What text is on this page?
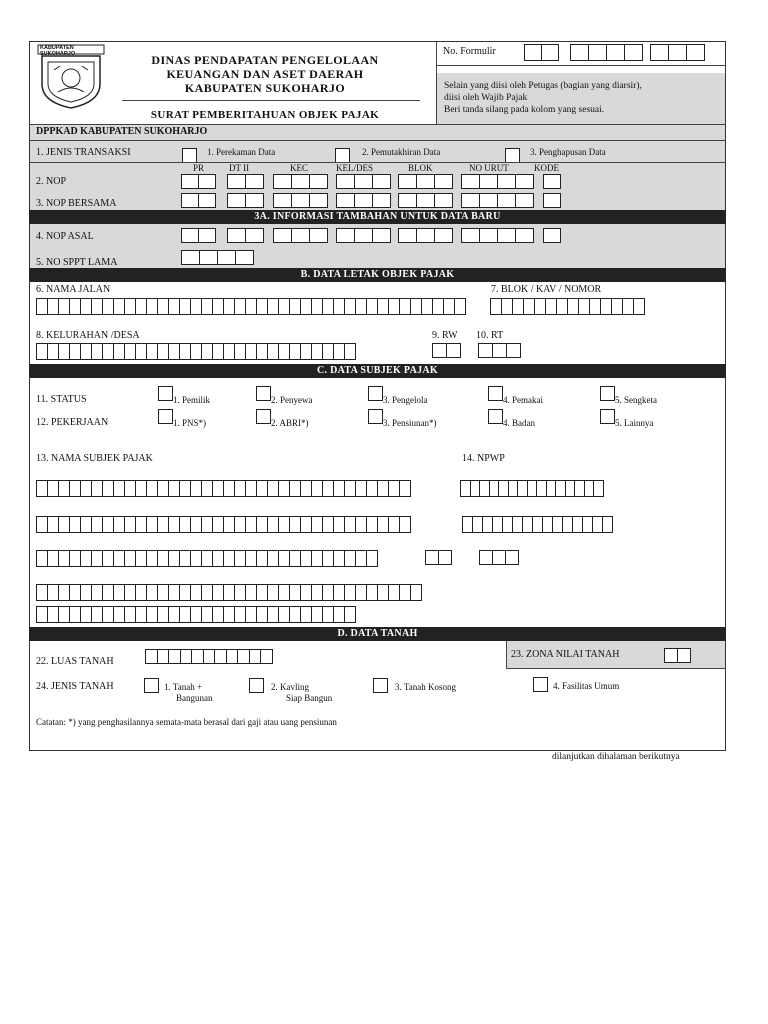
KABUPATEN SUKOHARJO	DINAS PENDAPATAN PENGELOLAAN
KEUANGAN DAN ASET DAERAH
KABUPATEN SUKOHARJO
SURAT PEMBERITAHUAN OBJEK PAJAK
No. Formulir
Selain yang diisi oleh Petugas (bagian yang diarsir),
diisi oleh Wajib Pajak
Beri tanda silang pada kolom yang sesuai.
DPPKAD KABUPATEN SUKOHARJO
1. JENIS TRANSAKSI	1. Perekaman Data	2. Pemutakhiran Data	3. Penghapusan Data
PR	DT II	KEC	KEL/DES	BLOK	NO URUT	KODE
2. NOP
3. NOP BERSAMA
3A. INFORMASI TAMBAHAN UNTUK DATA BARU
4. NOP ASAL
5. NO SPPT LAMA
B. DATA LETAK OBJEK PAJAK
6. NAMA JALAN	7. BLOK / KAV / NOMOR
8. KELURAHAN /DESA	9. RW 10. RT
C. DATA SUBJEK PAJAK
11. STATUS	1. Pemilik	2. Penyewa	3. Pengelola	4. Pemakai	5. Sengketa
12. PEKERJAAN	1. PNS*)	2. ABRI*)	3. Pensiunan*)	4. Badan	5. Lainnya
13. NAMA SUBJEK PAJAK	14. NPWP
D. DATA TANAH
22. LUAS TANAH
23. ZONA NILAI TANAH
24. JENIS TANAH	1. Tanah +
Bangunan
2. Kavling
Siap Bangun
3. Tanah Kosong	4. Fasilitas Umum
Catatan: *) yang penghasilannya semata-mata berasal dari gaji atau uang pensiunan
dilanjutkan dihalaman berikutnya
